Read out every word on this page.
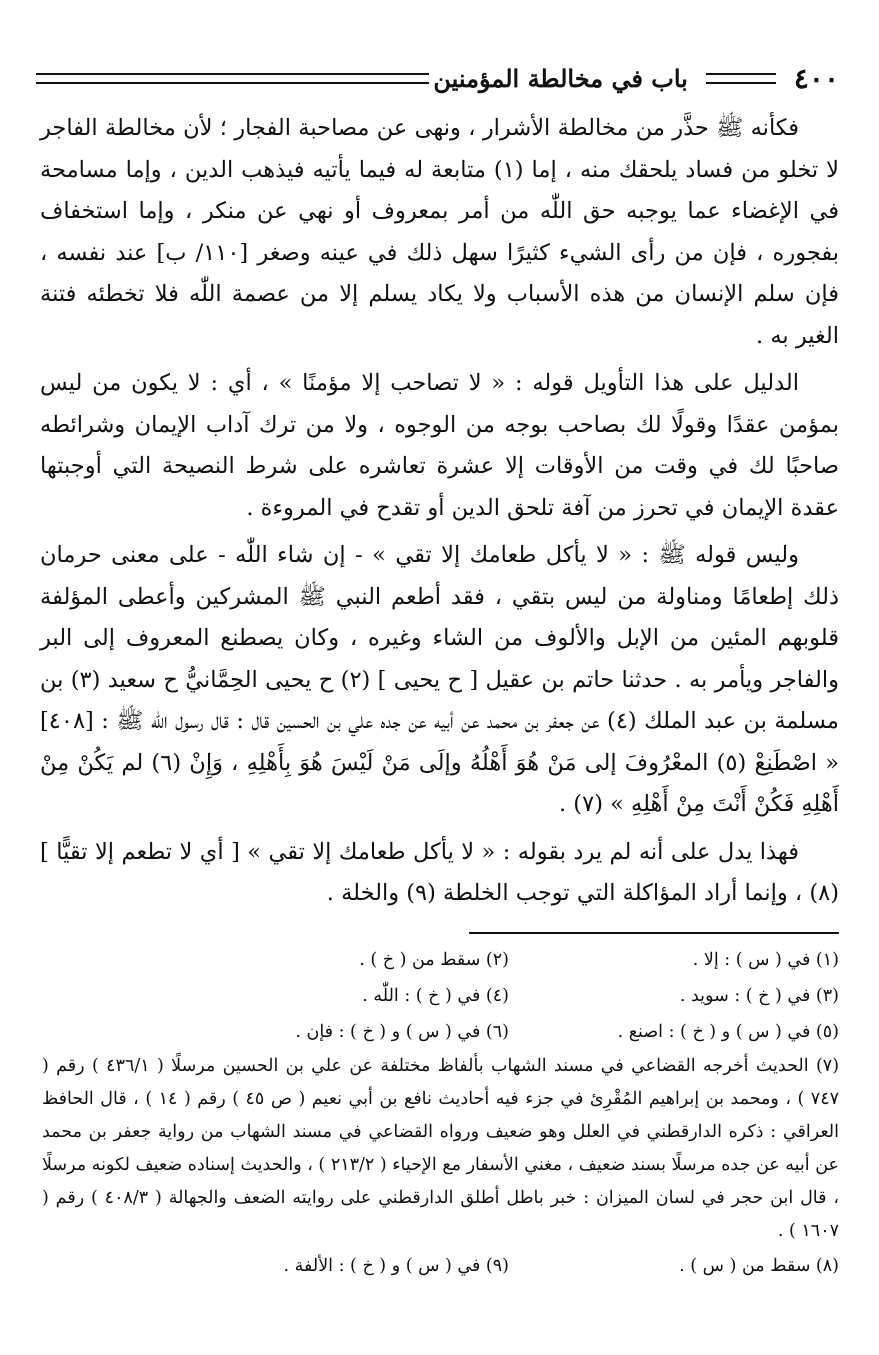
٤٠٠
باب في مخالطة المؤمنين

فكأنه ﷺ حذَّر من مخالطة الأشرار ، ونهى عن مصاحبة الفجار ؛ لأن مخالطة الفاجر لا تخلو من فساد يلحقك منه ، إما (١) متابعة له فيما يأتيه فيذهب الدين ، وإما مسامحة في الإغضاء عما يوجبه حق اللّٰه من أمر بمعروف أو نهي عن منكر ، وإما استخفاف بفجوره ، فإن من رأى الشيء كثيرًا سهل ذلك في عينه وصغر [١١٠/ ب] عند نفسه ، فإن سلم الإنسان من هذه الأسباب ولا يكاد يسلم إلا من عصمة اللّٰه فلا تخطئه فتنة الغير به .

الدليل على هذا التأويل قوله : « لا تصاحب إلا مؤمنًا » ، أي : لا يكون من ليس بمؤمن عقدًا وقولًا لك بصاحب بوجه من الوجوه ، ولا من ترك آداب الإيمان وشرائطه صاحبًا لك في وقت من الأوقات إلا عشرة تعاشره على شرط النصيحة التي أوجبتها عقدة الإيمان في تحرز من آفة تلحق الدين أو تقدح في المروءة .

وليس قوله ﷺ : « لا يأكل طعامك إلا تقي » - إن شاء اللّٰه - على معنى حرمان ذلك إطعامًا ومناولة من ليس بتقي ، فقد أطعم النبي ﷺ المشركين وأعطى المؤلفة قلوبهم المئين من الإبل والألوف من الشاء وغيره ، وكان يصطنع المعروف إلى البر والفاجر ويأمر به . حدثنا حاتم بن عقيل [ ح يحيى ] (٢) ح يحيى الحِمَّانيُّ ح سعيد (٣) بن مسلمة بن عبد الملك (٤) عن جعفر بن محمد عن أبيه عن جده علي بن الحسين قال : قال رسول اللّٰه ﷺ : [٤٠٨] « اصْطَنِعْ (٥) المعْرُوفَ إلى مَنْ هُوَ أَهْلُهُ وإلَى مَنْ لَيْسَ هُوَ بِأَهْلِهِ ، وَإِنْ (٦) لم يَكُنْ مِنْ أَهْلِهِ فَكُنْ أَنْتَ مِنْ أَهْلِهِ » (٧) .

فهذا يدل على أنه لم يرد بقوله : « لا يأكل طعامك إلا تقي » [ أي لا تطعم إلا تقيًّا ] (٨) ، وإنما أراد المؤاكلة التي توجب الخلطة (٩) والخلة .

(١) في ( س ) : إلا .
(٢) سقط من ( خ ) .
(٣) في ( خ ) : سويد .
(٤) في ( خ ) : اللّٰه .
(٥) في ( س ) و ( خ ) : اصنع .
(٦) في ( س ) و ( خ ) : فإن .
(٧) الحديث أخرجه القضاعي في مسند الشهاب بألفاظ مختلفة عن علي بن الحسين مرسلًا ( ٤٣٦/١ ) رقم ( ٧٤٧ ) ، ومحمد بن إبراهيم المُقْرِئ في جزء فيه أحاديث نافع بن أبي نعيم ( ص ٤٥ ) رقم ( ١٤ ) ، قال الحافظ العراقي : ذكره الدارقطني في العلل وهو ضعيف ورواه القضاعي في مسند الشهاب من رواية جعفر بن محمد عن أبيه عن جده مرسلًا بسند ضعيف ، مغني الأسفار مع الإحياء ( ٢١٣/٢ ) ، والحديث إسناده ضعيف لكونه مرسلًا ، قال ابن حجر في لسان الميزان : خبر باطل أطلق الدارقطني على روايته الضعف والجهالة ( ٤٠٨/٣ ) رقم ( ١٦٠٧ ) .
(٨) سقط من ( س ) .
(٩) في ( س ) و ( خ ) : الألفة .
